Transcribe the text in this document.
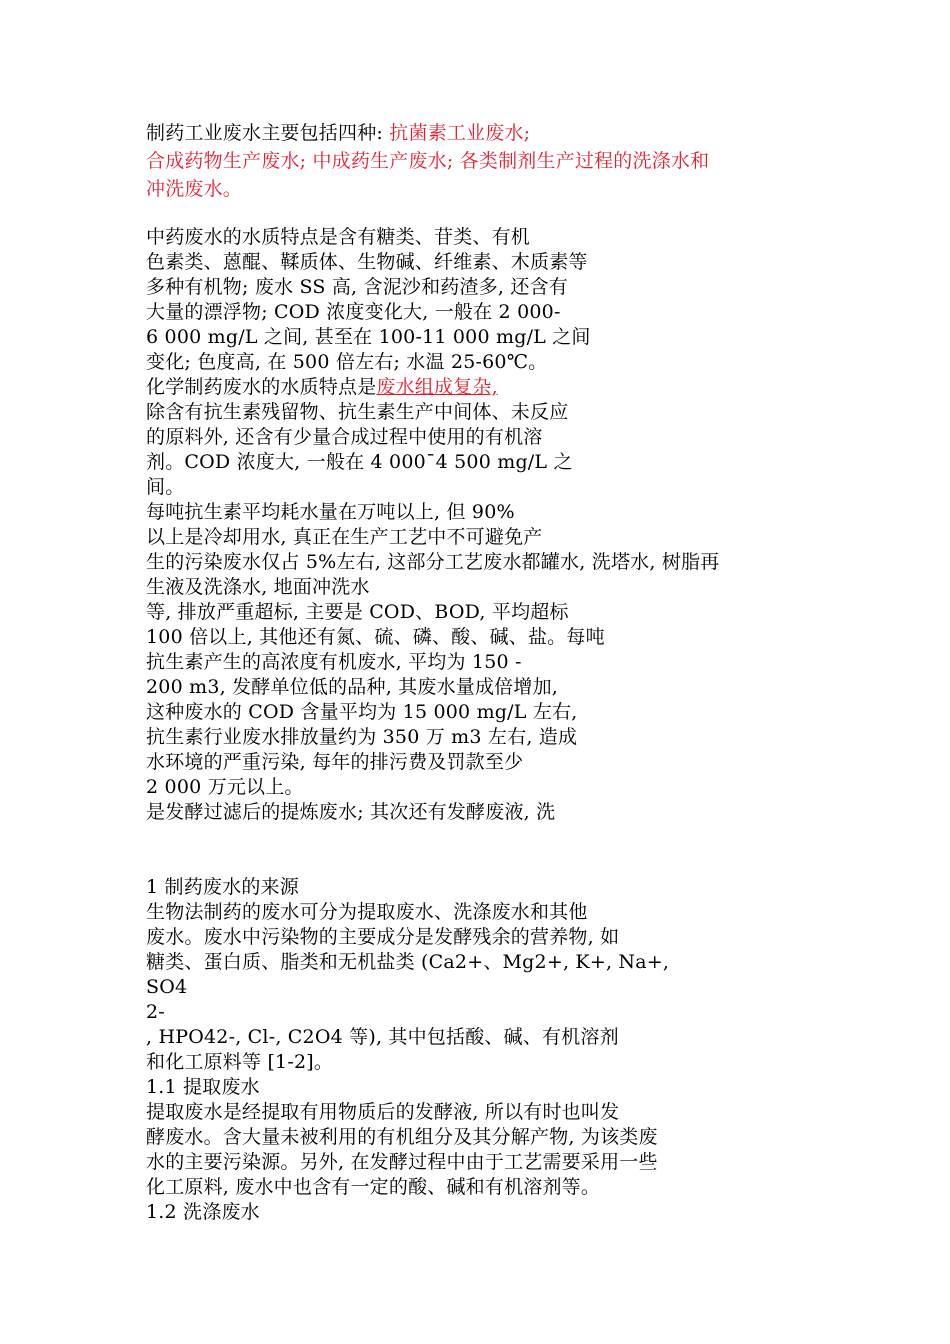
制药工业废水主要包括四种: 抗菌素工业废水;
合成药物生产废水; 中成药生产废水; 各类制剂生产过程的洗涤水和
冲洗废水。
中药废水的水质特点是含有糖类、苷类、有机
色素类、蒽醌、鞣质体、生物碱、纤维素、木质素等
多种有机物; 废水 SS 高, 含泥沙和药渣多, 还含有
大量的漂浮物; COD 浓度变化大, 一般在 2 000-
6 000 mg/L 之间, 甚至在 100-11 000 mg/L 之间
变化; 色度高, 在 500 倍左右; 水温 25-60℃。
化学制药废水的水质特点是废水组成复杂,
除含有抗生素残留物、抗生素生产中间体、未反应
的原料外, 还含有少量合成过程中使用的有机溶
剂。COD 浓度大, 一般在 4 000¯4 500 mg/L 之
间。
每吨抗生素平均耗水量在万吨以上, 但 90%
以上是冷却用水, 真正在生产工艺中不可避免产
生的污染废水仅占 5%左右, 这部分工艺废水都罐水, 洗塔水, 树脂再
生液及洗涤水, 地面冲洗水
等, 排放严重超标, 主要是 COD、BOD, 平均超标
100 倍以上, 其他还有氮、硫、磷、酸、碱、盐。每吨
抗生素产生的高浓度有机废水, 平均为 150 -
200 m3, 发酵单位低的品种, 其废水量成倍增加,
这种废水的 COD 含量平均为 15 000 mg/L 左右,
抗生素行业废水排放量约为 350 万 m3 左右, 造成
水环境的严重污染, 每年的排污费及罚款至少
2 000 万元以上。
是发酵过滤后的提炼废水; 其次还有发酵废液, 洗
1 制药废水的来源
生物法制药的废水可分为提取废水、洗涤废水和其他
废水。废水中污染物的主要成分是发酵残余的营养物, 如
糖类、蛋白质、脂类和无机盐类 (Ca2+、Mg2+, K+, Na+,
SO4
2-
, HPO42-, Cl-, C2O4 等), 其中包括酸、碱、有机溶剂
和化工原料等 [1-2]。
1.1 提取废水
提取废水是经提取有用物质后的发酵液, 所以有时也叫发
酵废水。含大量未被利用的有机组分及其分解产物, 为该类废
水的主要污染源。另外, 在发酵过程中由于工艺需要采用一些
化工原料, 废水中也含有一定的酸、碱和有机溶剂等。
1.2 洗涤废水
